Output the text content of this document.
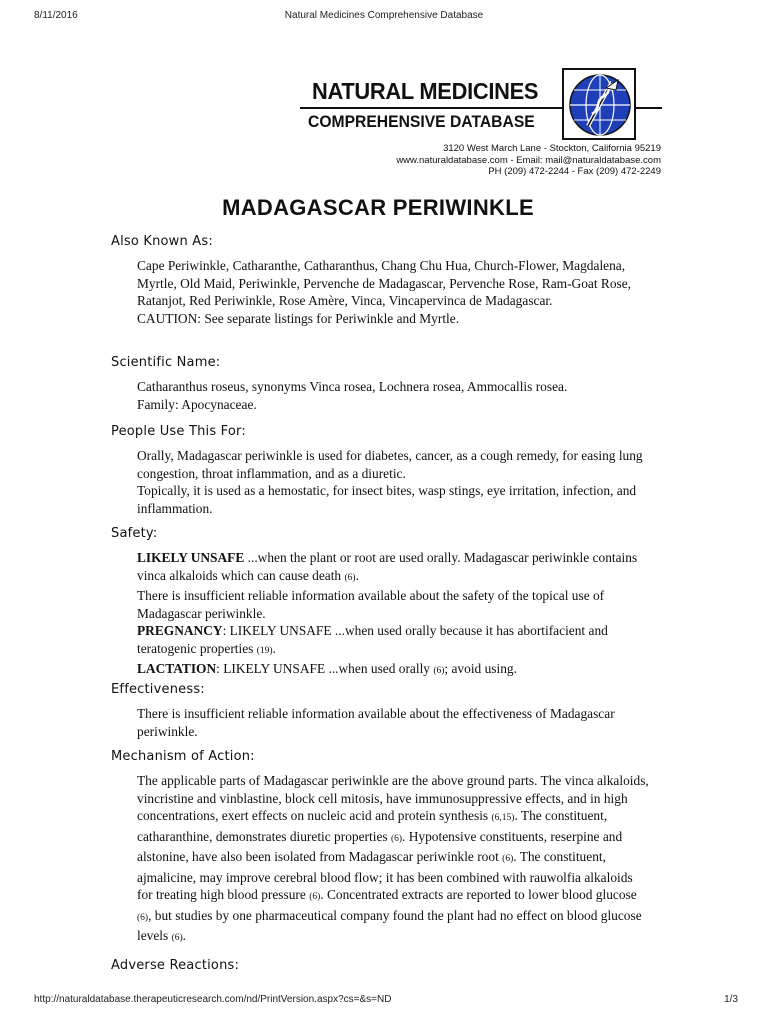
8/11/2016	Natural Medicines Comprehensive Database
NATURAL MEDICINES
COMPREHENSIVE DATABASE
3120 West March Lane - Stockton, California 95219
www.naturaldatabase.com - Email: mail@naturaldatabase.com
PH (209) 472-2244 - Fax (209) 472-2249
MADAGASCAR PERIWINKLE
Also Known As:

Cape Periwinkle, Catharanthe, Catharanthus, Chang Chu Hua, Church-Flower, Magdalena, Myrtle, Old Maid, Periwinkle, Pervenche de Madagascar, Pervenche Rose, Ram-Goat Rose, Ratanjot, Red Periwinkle, Rose Amère, Vinca, Vincapervinca de Madagascar.

CAUTION: See separate listings for Periwinkle and Myrtle.

Scientific Name:

Catharanthus roseus, synonyms Vinca rosea, Lochnera rosea, Ammocallis rosea.

Family: Apocynaceae.

People Use This For:

Orally, Madagascar periwinkle is used for diabetes, cancer, as a cough remedy, for easing lung congestion, throat inflammation, and as a diuretic.

Topically, it is used as a hemostatic, for insect bites, wasp stings, eye irritation, infection, and inflammation.

Safety:

LIKELY UNSAFE ...when the plant or root are used orally. Madagascar periwinkle contains vinca alkaloids which can cause death (6).

There is insufficient reliable information available about the safety of the topical use of Madagascar periwinkle.

PREGNANCY: LIKELY UNSAFE ...when used orally because it has abortifacient and teratogenic properties (19).

LACTATION: LIKELY UNSAFE ...when used orally (6); avoid using.

Effectiveness:

There is insufficient reliable information available about the effectiveness of Madagascar periwinkle.

Mechanism of Action:

The applicable parts of Madagascar periwinkle are the above ground parts. The vinca alkaloids, vincristine and vinblastine, block cell mitosis, have immunosuppressive effects, and in high concentrations, exert effects on nucleic acid and protein synthesis (6,15). The constituent, catharanthine, demonstrates diuretic properties (6). Hypotensive constituents, reserpine and alstonine, have also been isolated from Madagascar periwinkle root (6). The constituent, ajmalicine, may improve cerebral blood flow; it has been combined with rauwolfia alkaloids for treating high blood pressure (6). Concentrated extracts are reported to lower blood glucose (6), but studies by one pharmaceutical company found the plant had no effect on blood glucose levels (6).

Adverse Reactions:
http://naturaldatabase.therapeuticresearch.com/nd/PrintVersion.aspx?cs=&s=ND	1/3
